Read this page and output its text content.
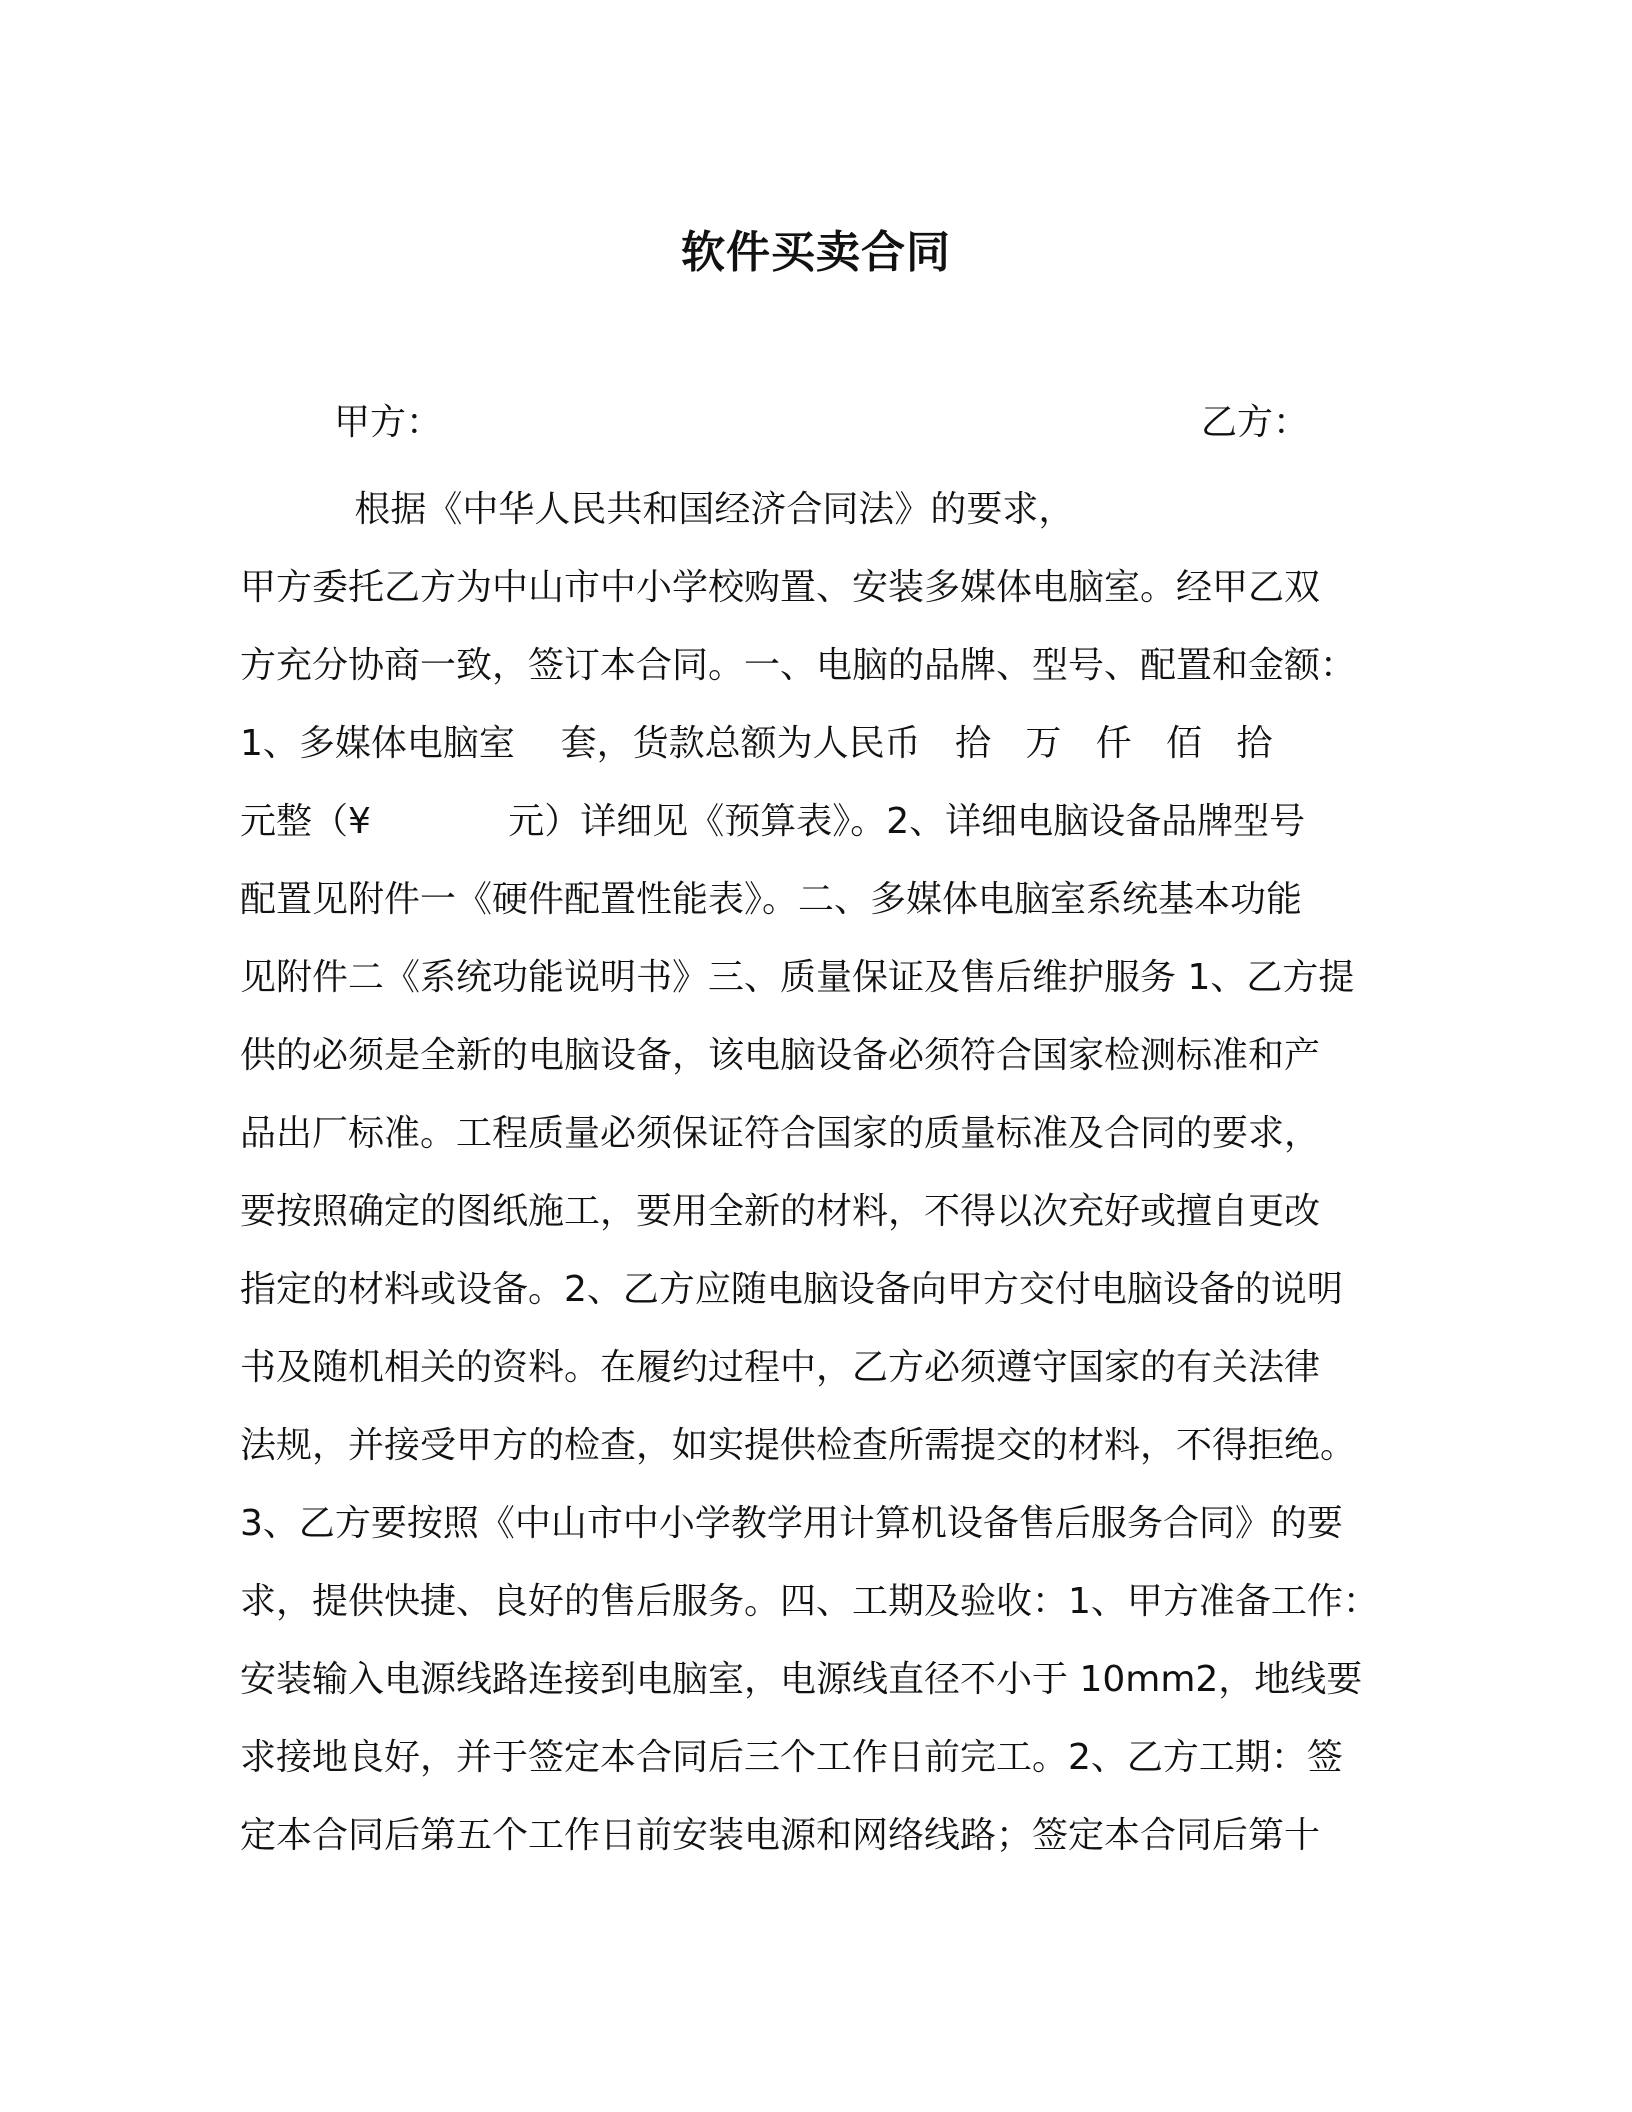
软件买卖合同
甲方：	乙方：
根据《中华人民共和国经济合同法》的要求，
甲方委托乙方为中山市中小学校购置、安装多媒体电脑室。经甲乙双
方充分协商一致，签订本合同。一、电脑的品牌、型号、配置和金额：
1、多媒体电脑室    套，货款总额为人民币   拾   万   仟   佰   拾
元整（¥            元）详细见《预算表》。2、详细电脑设备品牌型号
配置见附件一《硬件配置性能表》。二、多媒体电脑室系统基本功能
见附件二《系统功能说明书》三、质量保证及售后维护服务 1、乙方提
供的必须是全新的电脑设备，该电脑设备必须符合国家检测标准和产
品出厂标准。工程质量必须保证符合国家的质量标准及合同的要求，
要按照确定的图纸施工，要用全新的材料，不得以次充好或擅自更改
指定的材料或设备。2、乙方应随电脑设备向甲方交付电脑设备的说明
书及随机相关的资料。在履约过程中，乙方必须遵守国家的有关法律
法规，并接受甲方的检查，如实提供检查所需提交的材料，不得拒绝。
3、乙方要按照《中山市中小学教学用计算机设备售后服务合同》的要
求，提供快捷、良好的售后服务。四、工期及验收：1、甲方准备工作：
安装输入电源线路连接到电脑室，电源线直径不小于 10mm2，地线要
求接地良好，并于签定本合同后三个工作日前完工。2、乙方工期：签
定本合同后第五个工作日前安装电源和网络线路；签定本合同后第十
